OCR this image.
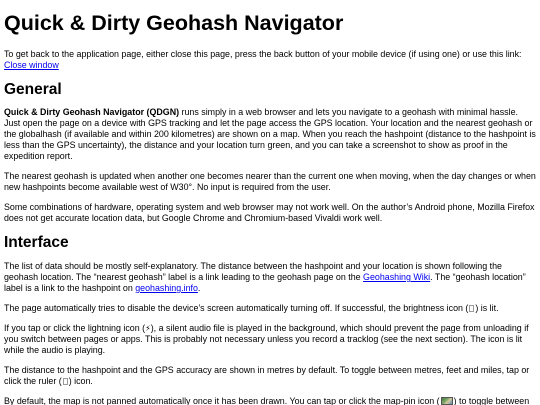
Quick & Dirty Geohash Navigator

To get back to the application page, either close this page, press the back button of your mobile device (if using one) or use this link: Close window

General

Quick & Dirty Geohash Navigator (QDGN) runs simply in a web browser and lets you navigate to a geohash with minimal hassle. Just open the page on a device with GPS tracking and let the page access the GPS location. Your location and the nearest geohash or the globalhash (if available and within 200 kilometres) are shown on a map. When you reach the hashpoint (distance to the hashpoint is less than the GPS uncertainty), the distance and your location turn green, and you can take a screenshot to show as proof in the expedition report.

The nearest geohash is updated when another one becomes nearer than the current one when moving, when the day changes or when new hashpoints become available west of W30°. No input is required from the user.

Some combinations of hardware, operating system and web browser may not work well. On the author’s Android phone, Mozilla Firefox does not get accurate location data, but Google Chrome and Chromium-based Vivaldi work well.

Interface

The list of data should be mostly self-explanatory. The distance between the hashpoint and your location is shown following the geohash location. The “nearest geohash” label is a link leading to the geohash page on the Geohashing Wiki. The “geohash location” label is a link to the hashpoint on geohashing.info.

The page automatically tries to disable the device’s screen automatically turning off. If successful, the brightness icon ( ) is lit.

If you tap or click the lightning icon (⚡), a silent audio file is played in the background, which should prevent the page from unloading if you switch between pages or apps. This is probably not necessary unless you record a tracklog (see the next section). The icon is lit while the audio is playing.

The distance to the hashpoint and the GPS accuracy are shown in metres by default. To toggle between metres, feet and miles, tap or click the ruler ( ) icon.

By default, the map is not panned automatically once it has been drawn. You can tap or click the map-pin icon ( ) to toggle between
